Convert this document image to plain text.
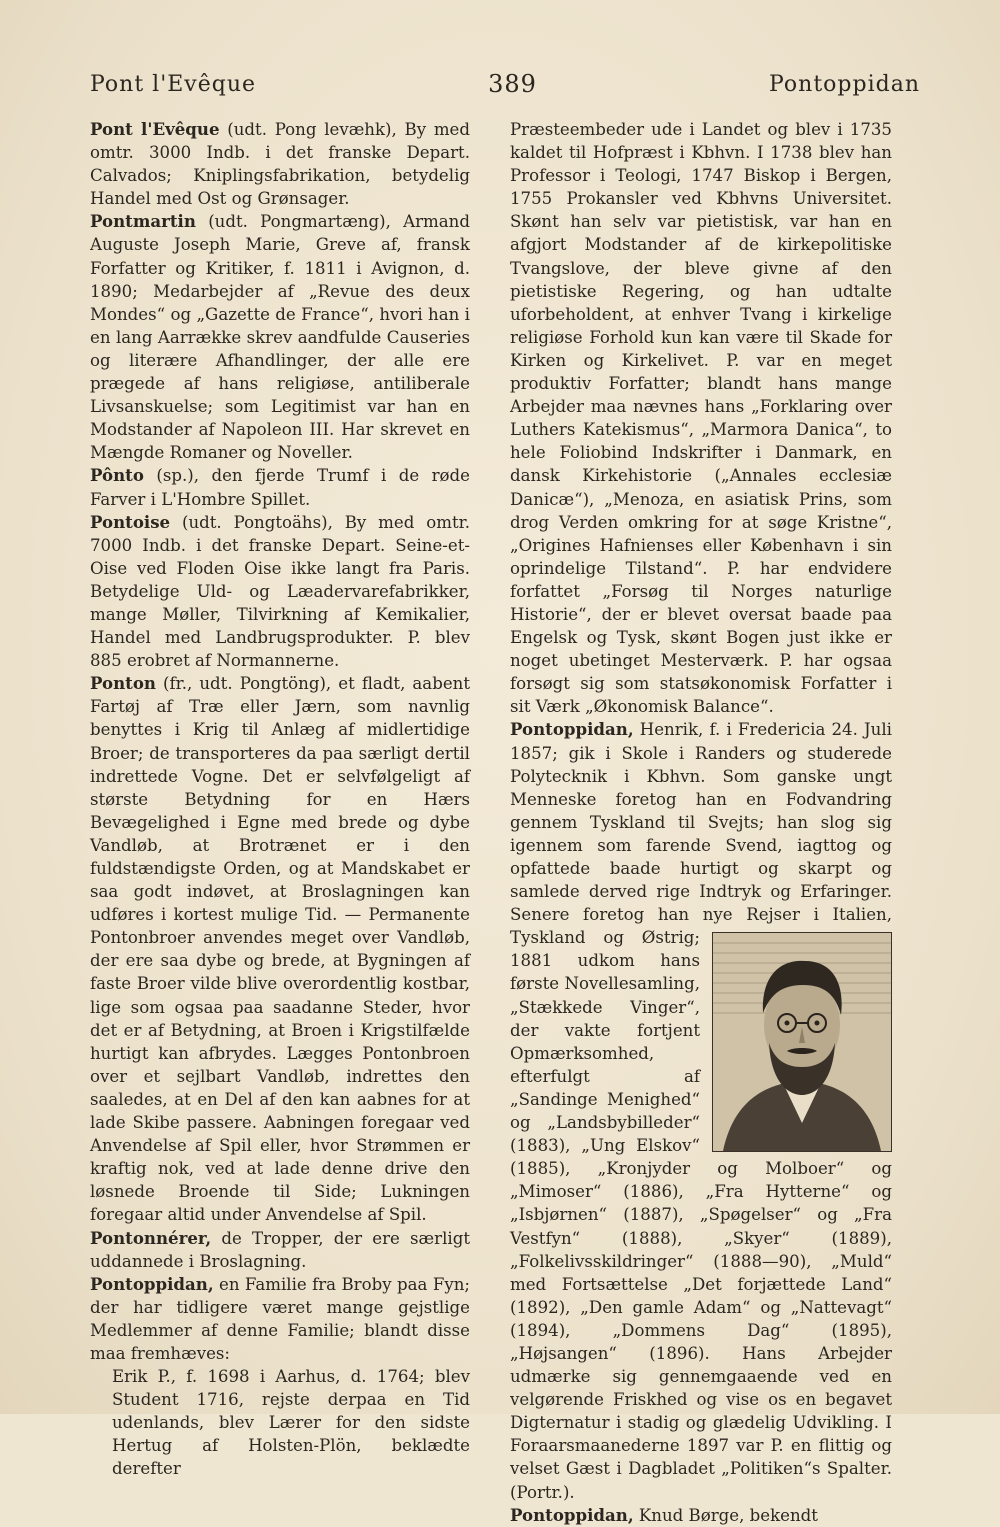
Pont l'Evêque	389	Pontoppidan

Pont l'Evêque (udt. Pong levæhk), By med omtr. 3000 Indb. i det franske Depart. Calvados; Kniplingsfabrikation, betydelig Handel med Ost og Grønsager.

Pontmartin (udt. Pongmartæng), Armand Auguste Joseph Marie, Greve af, fransk Forfatter og Kritiker, f. 1811 i Avignon, d. 1890; Medarbejder af „Revue des deux Mondes“ og „Gazette de France“, hvori han i en lang Aarrække skrev aandfulde Causeries og literære Afhandlinger, der alle ere prægede af hans religiøse, antiliberale Livsanskuelse; som Legitimist var han en Modstander af Napoleon III. Har skrevet en Mængde Romaner og Noveller.

Pônto (sp.), den fjerde Trumf i de røde Farver i L'Hombre Spillet.

Pontoise (udt. Pongtoähs), By med omtr. 7000 Indb. i det franske Depart. Seine-et-Oise ved Floden Oise ikke langt fra Paris. Betydelige Uld- og Læadervarefabrikker, mange Møller, Tilvirkning af Kemikalier, Handel med Landbrugsprodukter. P. blev 885 erobret af Normannerne.

Ponton (fr., udt. Pongtöng), et fladt, aabent Fartøj af Træ eller Jærn, som navnlig benyttes i Krig til Anlæg af midlertidige Broer; de transporteres da paa særligt dertil indrettede Vogne. Det er selvfølgeligt af største Betydning for en Hærs Bevægelighed i Egne med brede og dybe Vandløb, at Brotrænet er i den fuldstændigste Orden, og at Mandskabet er saa godt indøvet, at Broslagningen kan udføres i kortest mulige Tid. — Permanente Pontonbroer anvendes meget over Vandløb, der ere saa dybe og brede, at Bygningen af faste Broer vilde blive overordentlig kostbar, lige som ogsaa paa saadanne Steder, hvor det er af Betydning, at Broen i Krigstilfælde hurtigt kan afbrydes. Lægges Pontonbroen over et sejlbart Vandløb, indrettes den saaledes, at en Del af den kan aabnes for at lade Skibe passere. Aabningen foregaar ved Anvendelse af Spil eller, hvor Strømmen er kraftig nok, ved at lade denne drive den løsnede Broende til Side; Lukningen foregaar altid under Anvendelse af Spil.

Pontonnérer, de Tropper, der ere særligt uddannede i Broslagning.

Pontoppidan, en Familie fra Broby paa Fyn; der har tidligere været mange gejstlige Medlemmer af denne Familie; blandt disse maa fremhæves:

Erik P., f. 1698 i Aarhus, d. 1764; blev Student 1716, rejste derpaa en Tid udenlands, blev Lærer for den sidste Hertug af Holsten-Plön, beklædte derefter

Præsteembeder ude i Landet og blev i 1735 kaldet til Hofpræst i Kbhvn. I 1738 blev han Professor i Teologi, 1747 Biskop i Bergen, 1755 Prokansler ved Kbhvns Universitet. Skønt han selv var pietistisk, var han en afgjort Modstander af de kirkepolitiske Tvangslove, der bleve givne af den pietistiske Regering, og han udtalte uforbeholdent, at enhver Tvang i kirkelige religiøse Forhold kun kan være til Skade for Kirken og Kirkelivet. P. var en meget produktiv Forfatter; blandt hans mange Arbejder maa nævnes hans „Forklaring over Luthers Katekismus“, „Marmora Danica“, to hele Foliobind Indskrifter i Danmark, en dansk Kirkehistorie („Annales ecclesiæ Danicæ“), „Menoza, en asiatisk Prins, som drog Verden omkring for at søge Kristne“, „Origines Hafnienses eller København i sin oprindelige Tilstand“. P. har endvidere forfattet „Forsøg til Norges naturlige Historie“, der er blevet oversat baade paa Engelsk og Tysk, skønt Bogen just ikke er noget ubetinget Mesterværk. P. har ogsaa forsøgt sig som statsøkonomisk Forfatter i sit Værk „Økonomisk Balance“.

Pontoppidan, Henrik, f. i Fredericia 24. Juli 1857; gik i Skole i Randers og studerede Polytecknik i Kbhvn. Som ganske ungt Menneske foretog han en Fodvandring gennem Tyskland til Svejts; han slog sig igennem som farende Svend, iagttog og opfattede baade hurtigt og skarpt og samlede derved rige Indtryk og Erfaringer. Senere foretog han nye Rejser i Italien, Tyskland og Østrig; 1881 udkom hans første Novellesamling, „Stækkede Vinger“, der vakte fortjent Opmærksomhed, efterfulgt af „Sandinge Menighed“ og „Landsbybilleder“ (1883), „Ung Elskov“ (1885), „Kronjyder og Molboer“ og „Mimoser“ (1886), „Fra Hytterne“ og „Isbjørnen“ (1887), „Spøgelser“ og „Fra Vestfyn“ (1888), „Skyer“ (1889), „Folkelivsskildringer“ (1888—90), „Muld“ med Fortsættelse „Det forjættede Land“ (1892), „Den gamle Adam“ og „Nattevagt“ (1894), „Dommens Dag“ (1895), „Højsangen“ (1896). Hans Arbejder udmærke sig gennemgaaende ved en velgørende Friskhed og vise os en begavet Digternatur i stadig og glædelig Udvikling. I Foraarsmaanederne 1897 var P. en flittig og velset Gæst i Dagbladet „Politiken“s Spalter. (Portr.).

Pontoppidan, Knud Børge, bekendt
